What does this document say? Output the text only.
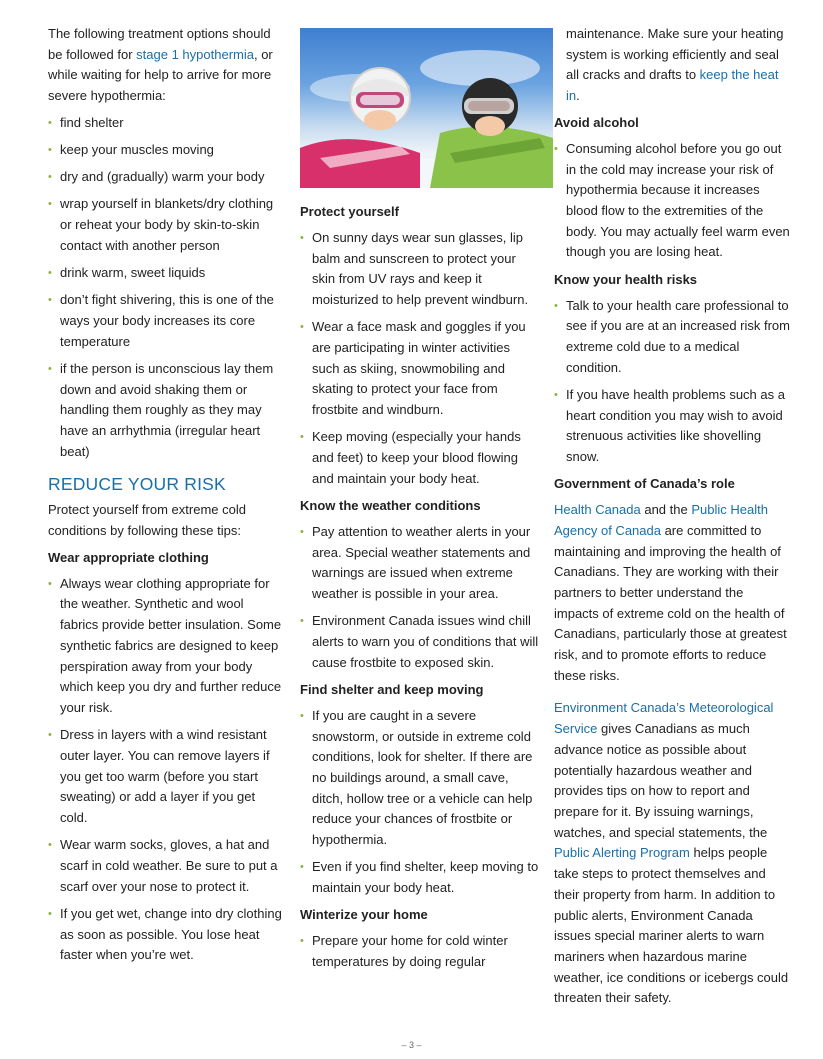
The following treatment options should be followed for stage 1 hypothermia, or while waiting for help to arrive for more severe hypothermia:

• find shelter
• keep your muscles moving
• dry and (gradually) warm your body
• wrap yourself in blankets/dry clothing or reheat your body by skin-to-skin contact with another person
• drink warm, sweet liquids
• don’t fight shivering, this is one of the ways your body increases its core temperature
• if the person is unconscious lay them down and avoid shaking them or handling them roughly as they may have an arrhythmia (irregular heart beat)
REDUCE YOUR RISK

Protect yourself from extreme cold conditions by following these tips:

Wear appropriate clothing
• Always wear clothing appropriate for the weather. Synthetic and wool fabrics provide better insulation. Some synthetic fabrics are designed to keep perspiration away from your body which keep you dry and further reduce your risk.
• Dress in layers with a wind resistant outer layer. You can remove layers if you get too warm (before you start sweating) or add a layer if you get cold.
• Wear warm socks, gloves, a hat and scarf in cold weather. Be sure to put a scarf over your nose to protect it.
• If you get wet, change into dry clothing as soon as possible. You lose heat faster when you’re wet.
Protect yourself
• On sunny days wear sun glasses, lip balm and sunscreen to protect your skin from UV rays and keep it moisturized to help prevent windburn.
• Wear a face mask and goggles if you are participating in winter activities such as skiing, snowmobiling and skating to protect your face from frostbite and windburn.
• Keep moving (especially your hands and feet) to keep your blood flowing and maintain your body heat.
Know the weather conditions
• Pay attention to weather alerts in your area. Special weather statements and warnings are issued when extreme weather is possible in your area.
• Environment Canada issues wind chill alerts to warn you of conditions that will cause frostbite to exposed skin.
Find shelter and keep moving
• If you are caught in a severe snowstorm, or outside in extreme cold conditions, look for shelter. If there are no buildings around, a small cave, ditch, hollow tree or a vehicle can help reduce your chances of frostbite or hypothermia.
• Even if you find shelter, keep moving to maintain your body heat.
Winterize your home
• Prepare your home for cold winter temperatures by doing regular

maintenance. Make sure your heating system is working efficiently and seal all cracks and drafts to keep the heat in.

Avoid alcohol
• Consuming alcohol before you go out in the cold may increase your risk of hypothermia because it increases blood flow to the extremities of the body. You may actually feel warm even though you are losing heat.
Know your health risks
• Talk to your health care professional to see if you are at an increased risk from extreme cold due to a medical condition.
• If you have health problems such as a heart condition you may wish to avoid strenuous activities like shovelling snow.
Government of Canada’s role

Health Canada and the Public Health Agency of Canada are committed to maintaining and improving the health of Canadians. They are working with their partners to better understand the impacts of extreme cold on the health of Canadians, particularly those at greatest risk, and to promote efforts to reduce these risks.

Environment Canada’s Meteorological Service gives Canadians as much advance notice as possible about potentially hazardous weather and provides tips on how to report and prepare for it. By issuing warnings, watches, and special statements, the Public Alerting Program helps people take steps to protect themselves and their property from harm. In addition to public alerts, Environment Canada issues special mariner alerts to warn mariners when hazardous marine weather, ice conditions or icebergs could threaten their safety.

– 3 –
